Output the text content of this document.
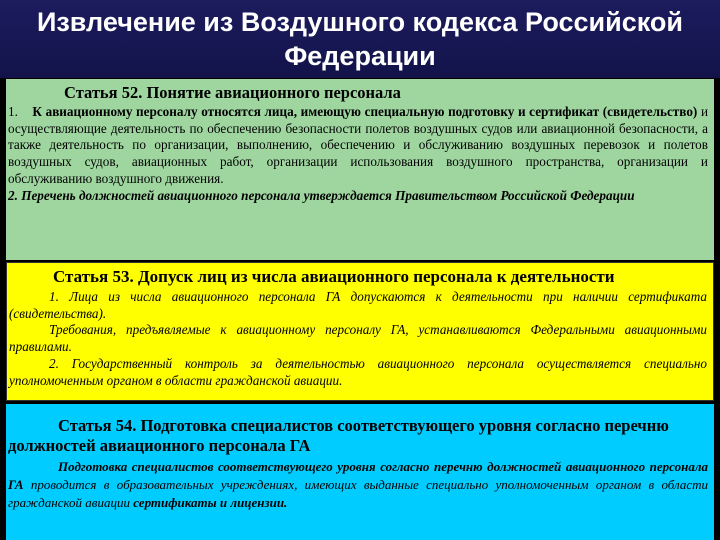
Извлечение из Воздушного кодекса Российской Федерации
Статья 52. Понятие авиационного персонала

1. К авиационному персоналу относятся лица, имеющую специальную подготовку и сертификат (свидетельство) и осуществляющие деятельность по обеспечению безопасности полетов воздушных судов или авиационной безопасности, а также деятельность по организации, выполнению, обеспечению и обслуживанию воздушных перевозок и полетов воздушных судов, авиационных работ, организации использования воздушного пространства, организации и обслуживанию воздушного движения.

2. Перечень должностей авиационного персонала утверждается Правительством Российской Федерации

Статья 53. Допуск лиц из числа авиационного персонала к деятельности

1. Лица из числа авиационного персонала ГА допускаются к деятельности при наличии сертификата (свидетельства).

Требования, предъявляемые к авиационному персоналу ГА, устанавливаются Федеральными авиационными правилами.

2. Государственный контроль за деятельностью авиационного персонала осуществляется специально уполномоченным органом в области гражданской авиации.

Статья 54. Подготовка специалистов соответствующего уровня согласно перечню должностей авиационного персонала ГА

Подготовка специалистов соответствующего уровня согласно перечню должностей авиационного персонала ГА проводится в образовательных учреждениях, имеющих выданные специально уполномоченным органом в области гражданской авиации сертификаты и лицензии.
